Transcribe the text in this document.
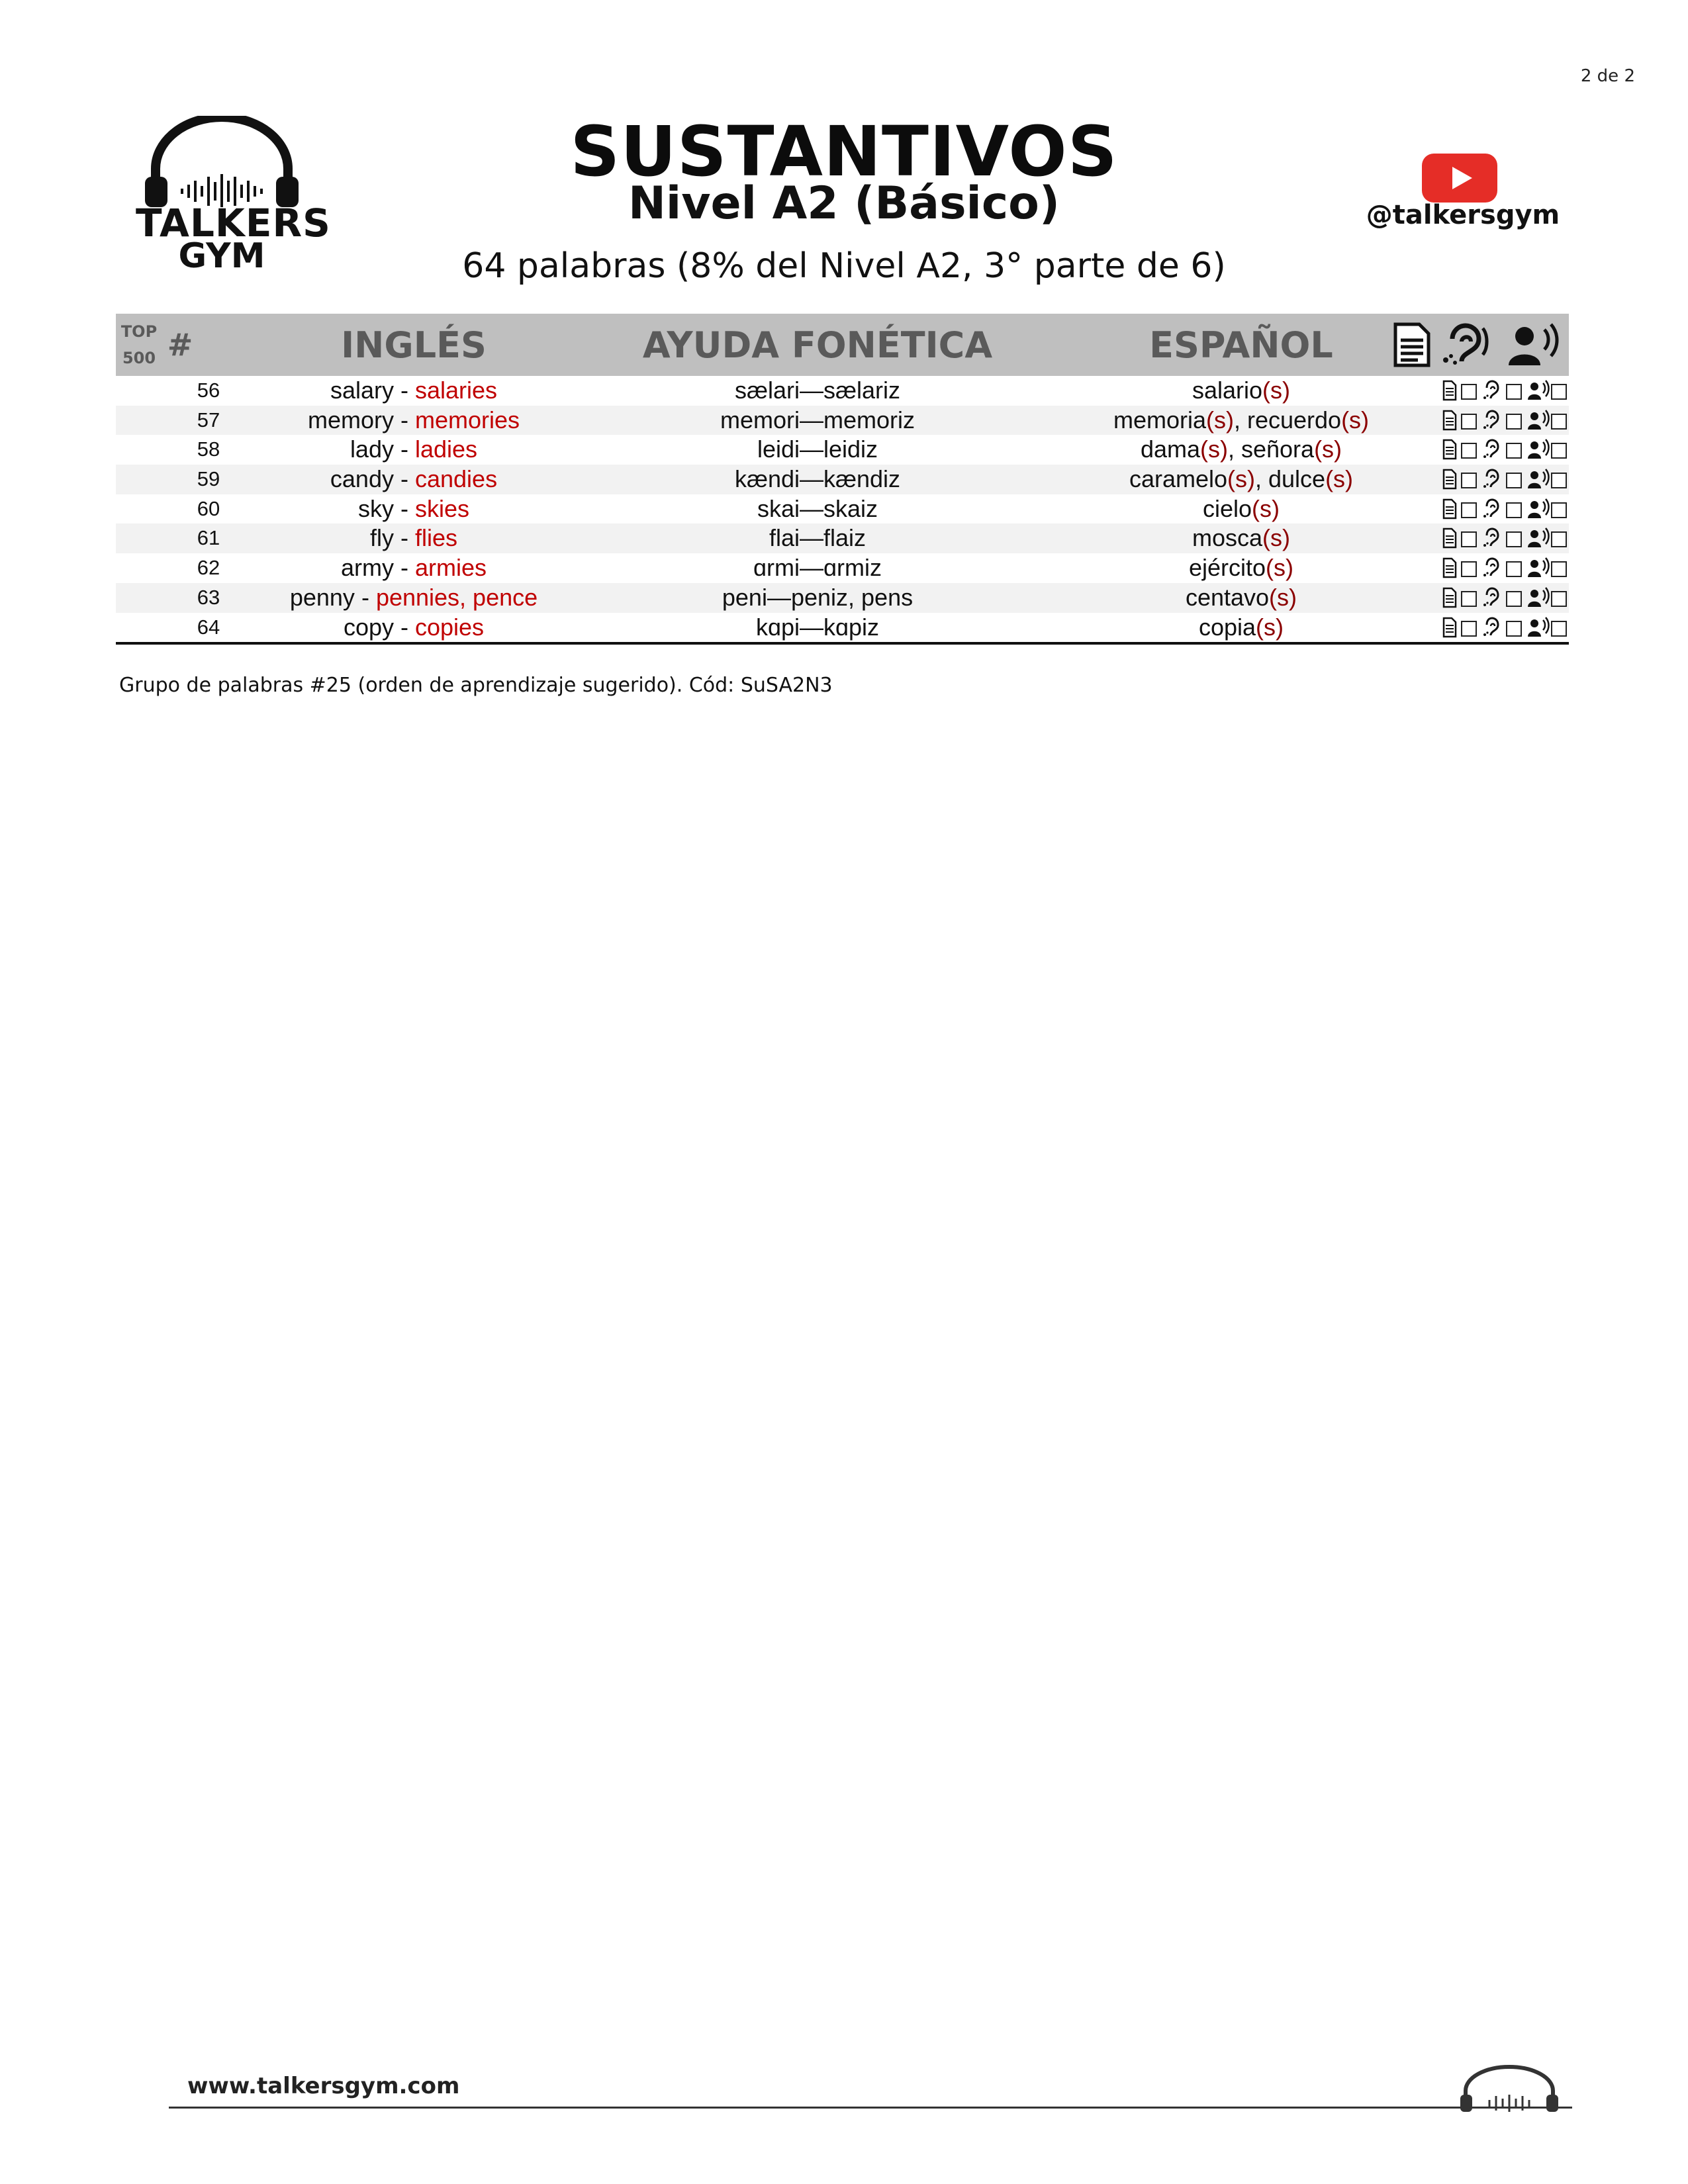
2 de 2
TALKERS
GYM
SUSTANTIVOS
Nivel A2 (Básico)
64 palabras (8% del Nivel A2, 3° parte de 6)
@talkersgym
TOP
500 #	INGLÉS	AYUDA FONÉTICA	ESPAÑOL
56	salary - salaries	sælari—sælariz	salario(s)
57	memory - memories	memori—memoriz	memoria(s), recuerdo(s)
58	lady - ladies	leidi—leidiz	dama(s), señora(s)
59	candy - candies	kændi—kændiz	caramelo(s), dulce(s)
60	sky - skies	skai—skaiz	cielo(s)
61	fly - flies	flai—flaiz	mosca(s)
62	army - armies	ɑrmi—ɑrmiz	ejército(s)
63	penny - pennies, pence	peni—peniz, pens	centavo(s)
64	copy - copies	kɑpi—kɑpiz	copia(s)
Grupo de palabras #25 (orden de aprendizaje sugerido). Cód: SuSA2N3
www.talkersgym.com
